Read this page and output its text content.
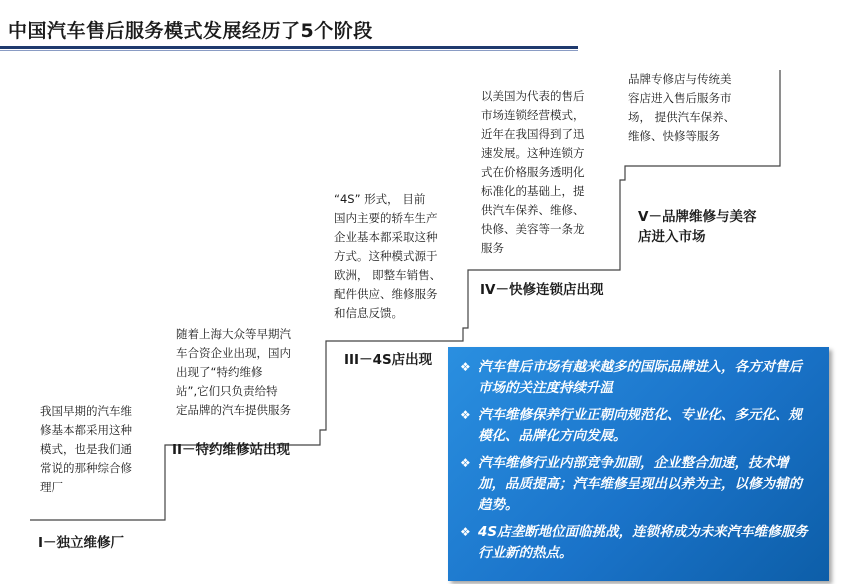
中国汽车售后服务模式发展经历了5个阶段
我国早期的汽车维
修基本都采用这种
模式，也是我们通
常说的那种综合修
理厂
I－独立维修厂
随着上海大众等早期汽
车合资企业出现，国内
出现了“特约维修
站”,它们只负责给特
定品牌的汽车提供服务
II－特约维修站出现
“4S” 形式， 目前
国内主要的轿车生产
企业基本都采取这种
方式。这种模式源于
欧洲， 即整车销售、
配件供应、维修服务
和信息反馈。
III－4S店出现
以美国为代表的售后
市场连锁经营模式，
近年在我国得到了迅
速发展。这种连锁方
式在价格服务透明化
标准化的基础上，提
供汽车保养、维修、
快修、美容等一条龙
服务
IV－快修连锁店出现
品牌专修店与传统美
容店进入售后服务市
场， 提供汽车保养、
维修、快修等服务
V－品牌维修与美容
店进入市场
❖ 汽车售后市场有越来越多的国际品牌进入，各方对售后市场的关注度持续升温
❖ 汽车维修保养行业正朝向规范化、专业化、多元化、规模化、品牌化方向发展。
❖ 汽车维修行业内部竞争加剧，企业整合加速，技术增加，品质提高；汽车维修呈现出以养为主，以修为辅的趋势。
❖ 4S店垄断地位面临挑战，连锁将成为未来汽车维修服务行业新的热点。
